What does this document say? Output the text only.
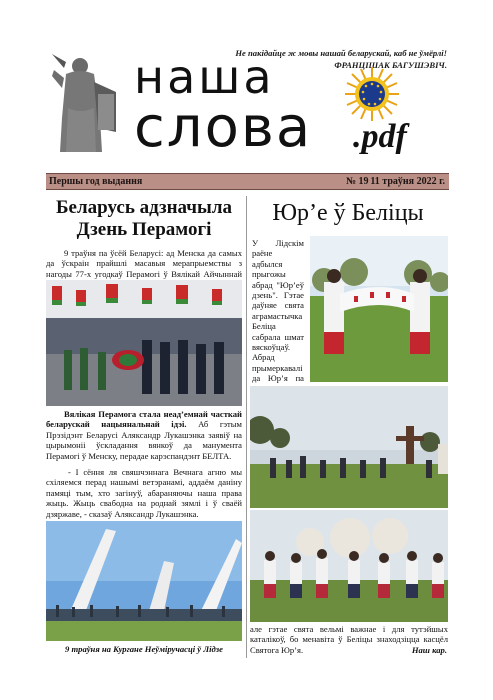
Не пакідайце ж мовы нашай беларускай, каб не ўмёрлі!
ФРАНЦІШАК БАГУШЭВІЧ.
наша
слова .pdf
Першы год выдання	№ 19 11 траўня 2022 г.
Беларусь адзначыла
Дзень Перамогі

9 траўня па ўсёй Беларусі: ад Менска да самых да ўскраін прайшлі масавыя мерапрыемствы з нагоды 77-х угодкаў Перамогі ў Вялікай Айчыннай

Вялікая Перамога стала неад’емнай часткай беларускай нацыянальнай ідэі. Аб гэтым Прэзідэнт Беларусі Аляксандр Лукашэнка заявіў на цырымоніі ўскладання вянкоў да манумента Перамогі ў Менску, перадае карэспандэнт БЕЛТА.

- І сёння ля свяшчэннага Вечнага агню мы схіляемся перад нашымі ветэранамі, аддаём даніну памяці тым, хто загінуў, абараняючы наша права жыць. Жыць свабодна на роднай зямлі і ў сваёй дзяржаве, - сказаў Аляксандр Лукашэнка.

9 траўня на Кургане Неўміручасці ў Лідзе
Юр’е ў Беліцы

У Лідскім раёне адбылся прыгожы абрад "Юр’еў дзень". Гэтае даўняе свята аграмастычка Беліца сабрала шмат вяскоўцаў. Абрад прымеркавалі да Юр’я па

але гэтае свята вельмі важнае і для тутэйшых каталікоў, бо менавіта ў Беліцы знаходзіцца касцёл Святога Юр’я.	Наш кар.
